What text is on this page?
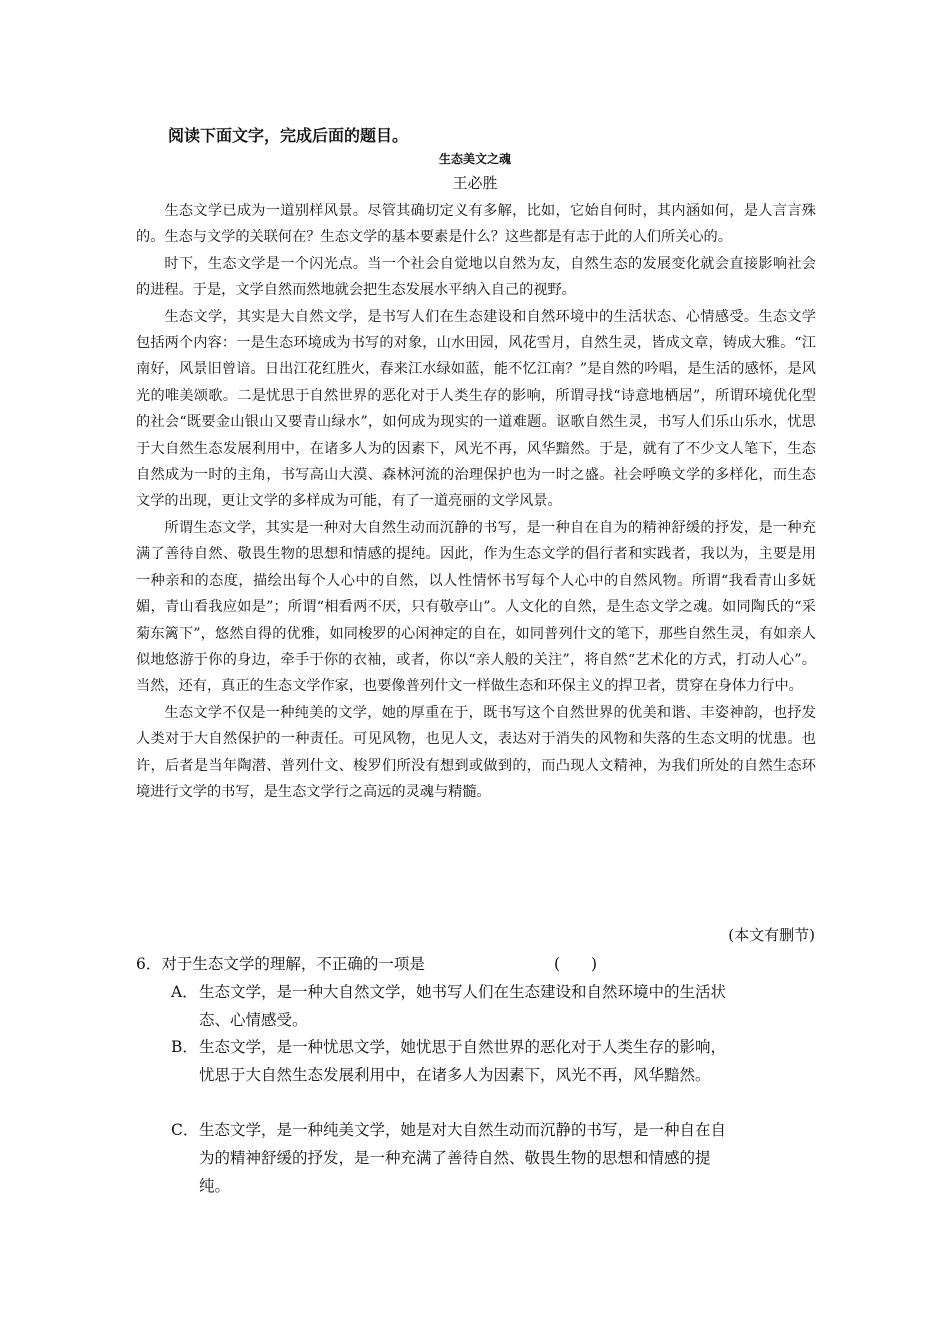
阅读下面文字，完成后面的题目。
生态美文之魂
王必胜

生态文学已成为一道别样风景。尽管其确切定义有多解，比如，它始自何时，其内涵如何，是人言言殊的。生态与文学的关联何在？生态文学的基本要素是什么？这些都是有志于此的人们所关心的。

时下，生态文学是一个闪光点。当一个社会自觉地以自然为友，自然生态的发展变化就会直接影响社会的进程。于是，文学自然而然地就会把生态发展水平纳入自己的视野。

生态文学，其实是大自然文学，是书写人们在生态建设和自然环境中的生活状态、心情感受。生态文学包括两个内容：一是生态环境成为书写的对象，山水田园，风花雪月，自然生灵，皆成文章，铸成大雅。“江南好，风景旧曾谙。日出江花红胜火，春来江水绿如蓝，能不忆江南？”是自然的吟唱，是生活的感怀，是风光的唯美颂歌。二是忧思于自然世界的恶化对于人类生存的影响，所谓寻找“诗意地栖居”，所谓环境优化型的社会“既要金山银山又要青山绿水”，如何成为现实的一道难题。讴歌自然生灵，书写人们乐山乐水，忧思于大自然生态发展利用中，在诸多人为的因素下，风光不再，风华黯然。于是，就有了不少文人笔下，生态自然成为一时的主角，书写高山大漠、森林河流的治理保护也为一时之盛。社会呼唤文学的多样化，而生态文学的出现，更让文学的多样成为可能，有了一道亮丽的文学风景。

所谓生态文学，其实是一种对大自然生动而沉静的书写，是一种自在自为的精神舒缓的抒发，是一种充满了善待自然、敬畏生物的思想和情感的提纯。因此，作为生态文学的倡行者和实践者，我以为，主要是用一种亲和的态度，描绘出每个人心中的自然，以人性情怀书写每个人心中的自然风物。所谓“我看青山多妩媚，青山看我应如是”；所谓“相看两不厌，只有敬亭山”。人文化的自然，是生态文学之魂。如同陶氏的“采菊东篱下”，悠然自得的优雅，如同梭罗的心闲神定的自在，如同普列什文的笔下，那些自然生灵，有如亲人似地悠游于你的身边，牵手于你的衣袖，或者，你以“亲人般的关注”，将自然“艺术化的方式，打动人心”。当然，还有，真正的生态文学作家，也要像普列什文一样做生态和环保主义的捍卫者，贯穿在身体力行中。

生态文学不仅是一种纯美的文学，她的厚重在于，既书写这个自然世界的优美和谐、丰姿神韵，也抒发人类对于大自然保护的一种责任。可见风物，也见人文，表达对于消失的风物和失落的生态文明的忧患。也许，后者是当年陶潜、普列什文、梭罗们所没有想到或做到的，而凸现人文精神，为我们所处的自然生态环境进行文学的书写，是生态文学行之高远的灵魂与精髓。

(本文有删节)
6．对于生态文学的理解，不正确的一项是	(　　)
A． 生态文学，是一种大自然文学，她书写人们在生态建设和自然环境中的生活状态、心情感受。
B． 生态文学，是一种忧思文学，她忧思于自然世界的恶化对于人类生存的影响，忧思于大自然生态发展利用中，在诸多人为因素下，风光不再，风华黯然。
C． 生态文学，是一种纯美文学，她是对大自然生动而沉静的书写，是一种自在自为的精神舒缓的抒发，是一种充满了善待自然、敬畏生物的思想和情感的提纯。
